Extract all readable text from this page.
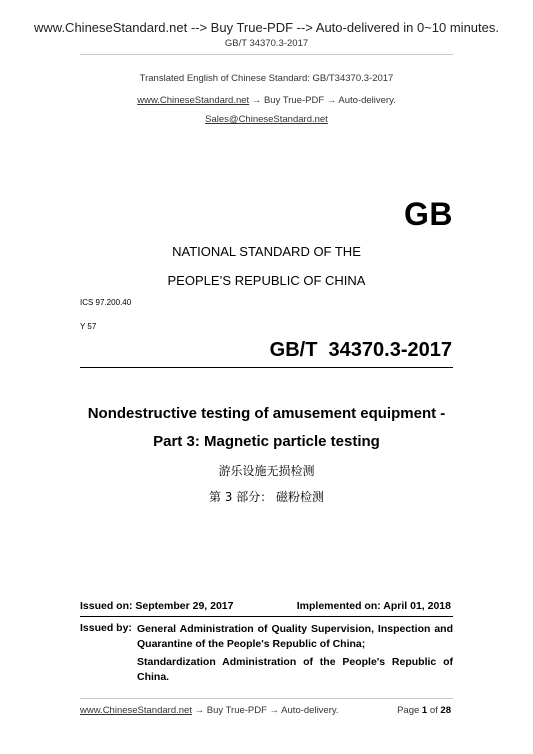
www.ChineseStandard.net --> Buy True-PDF --> Auto-delivered in 0~10 minutes.
GB/T 34370.3-2017
Translated English of Chinese Standard: GB/T34370.3-2017
www.ChineseStandard.net → Buy True-PDF → Auto-delivery.
Sales@ChineseStandard.net
GB
NATIONAL STANDARD OF THE
PEOPLE’S REPUBLIC OF CHINA
ICS 97.200.40
Y 57
GB/T  34370.3-2017
Nondestructive testing of amusement equipment -
Part 3: Magnetic particle testing
游乐设施无损检测
第 3 部分： 磁粉检测
Issued on: September 29, 2017	Implemented on: April 01, 2018
Issued by: General Administration of Quality Supervision, Inspection and Quarantine of the People's Republic of China;

Standardization Administration of the People's Republic of China.

www.ChineseStandard.net → Buy True-PDF → Auto-delivery.	Page 1 of 28
